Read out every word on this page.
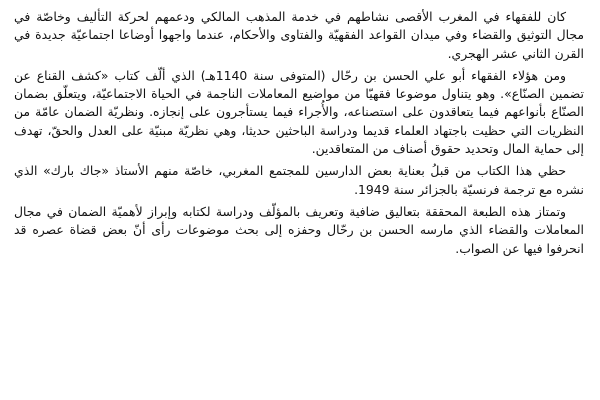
كان للفقهاء في المغرب الأقصى نشاطهم في خدمة المذهب المالكي ودعمهم لحركة التأليف وخاصّة في مجال التوثيق والقضاء وفي ميدان القواعد الفقهيّة والفتاوى والأحكام، عندما واجهوا أوضاعا اجتماعيّة جديدة في القرن الثاني عشر الهجري.

ومن هؤلاء الفقهاء أبو علي الحسن بن رحّال (المتوفى سنة 1140هـ) الذي ألّف كتاب «كشف القناع عن تضمين الصنّاع». وهو يتناول موضوعا فقهيّا من مواضيع المعاملات الناجمة في الحياة الاجتماعيّة، ويتعلّق بضمان الصنّاع بأنواعهم فيما يتعاقدون على استصناعه، والأُجراء فيما يستأجرون على إنجازه. ونظريّة الضمان عامّة من النظريات التي حظيت باجتهاد العلماء قديما ودراسة الباحثين حديثا، وهي نظريّة مبنيّة على العدل والحقّ، تهدف إلى حماية المال وتحديد حقوق أصناف من المتعاقدين.

حظي هذا الكتاب من قبلُ بعناية بعض الدارسين للمجتمع المغربي، خاصّة منهم الأستاذ «جاك بارك» الذي نشره مع ترجمة فرنسيّة بالجزائر سنة 1949.

وتمتاز هذه الطبعة المحققة بتعاليق ضافية وتعريف بالمؤلّف ودراسة لكتابه وإبراز لأهميّة الضمان في مجال المعاملات والقضاء الذي مارسه الحسن بن رحّال وحفزه إلى بحث موضوعات رأى أنّ بعض قضاة عصره قد انحرفوا فيها عن الصواب.
